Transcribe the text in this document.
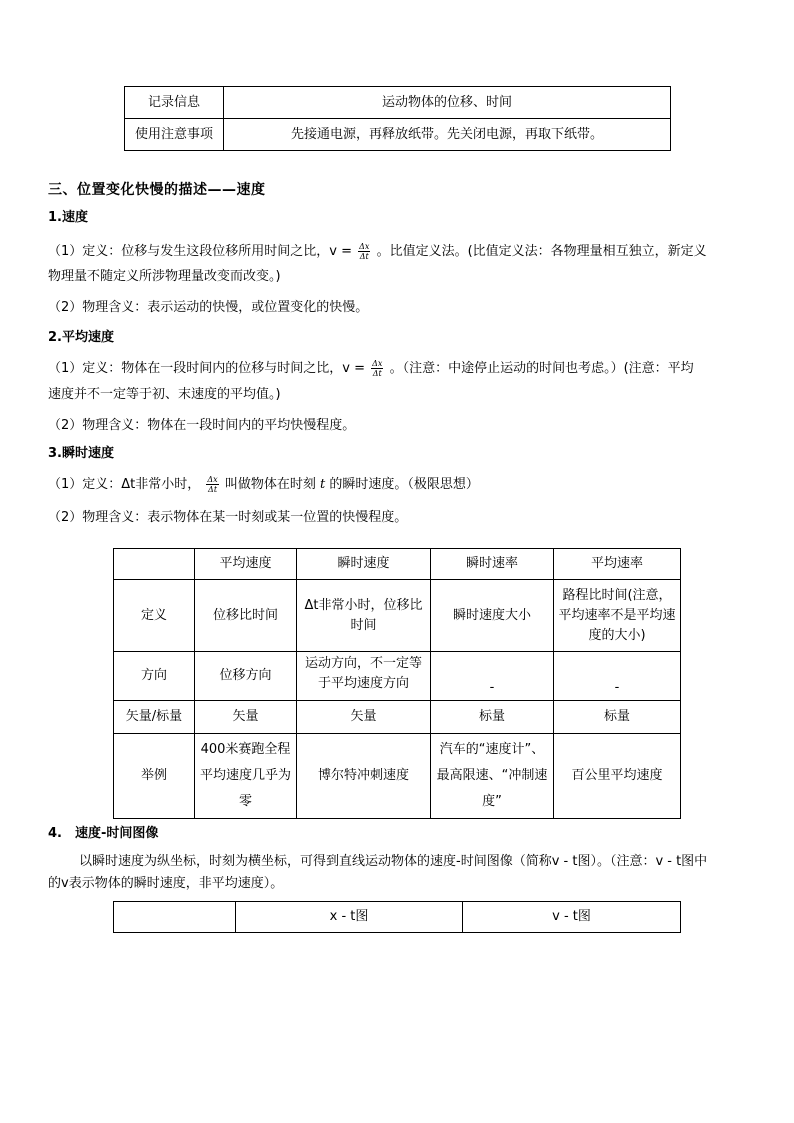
记录信息	运动物体的位移、时间
使用注意事项	先接通电源，再释放纸带。先关闭电源，再取下纸带。
三、位置变化快慢的描述——速度
1.速度
（1）定义：位移与发生这段位移所用时间之比，$v = \frac{\Delta x}{\Delta t}$ 。比值定义法。(比值定义法：各物理量相互独立，新定义
物理量不随定义所涉物理量改变而改变。)
（2）物理含义：表示运动的快慢，或位置变化的快慢。
2.平均速度
（1）定义：物体在一段时间内的位移与时间之比，$v = \frac{\Delta x}{\Delta t}$ 。（注意：中途停止运动的时间也考虑。）(注意：平均
速度并不一定等于初、末速度的平均值。)
（2）物理含义：物体在一段时间内的平均快慢程度。
3.瞬时速度
（1）定义：Δt非常小时， $\frac{\Delta x}{\Delta t}$ 叫做物体在时刻 t 的瞬时速度。（极限思想）
（2）物理含义：表示物体在某一时刻或某一位置的快慢程度。
	平均速度	瞬时速度	瞬时速率	平均速率
定义	位移比时间	Δt非常小时，位移比时间	瞬时速度大小	路程比时间(注意，平均速率不是平均速度的大小)
方向	位移方向	运动方向，不一定等于平均速度方向	-	-
矢量/标量	矢量	矢量	标量	标量
举例	400米赛跑全程平均速度几乎为零	博尔特冲刺速度	汽车的“速度计”、最高限速、“冲制速度”	百公里平均速度
4.　速度-时间图像
以瞬时速度为纵坐标，时刻为横坐标，可得到直线运动物体的速度-时间图像（简称v - t图）。（注意：v - t图中
的v表示物体的瞬时速度，非平均速度）。
	x - t图	v - t图
